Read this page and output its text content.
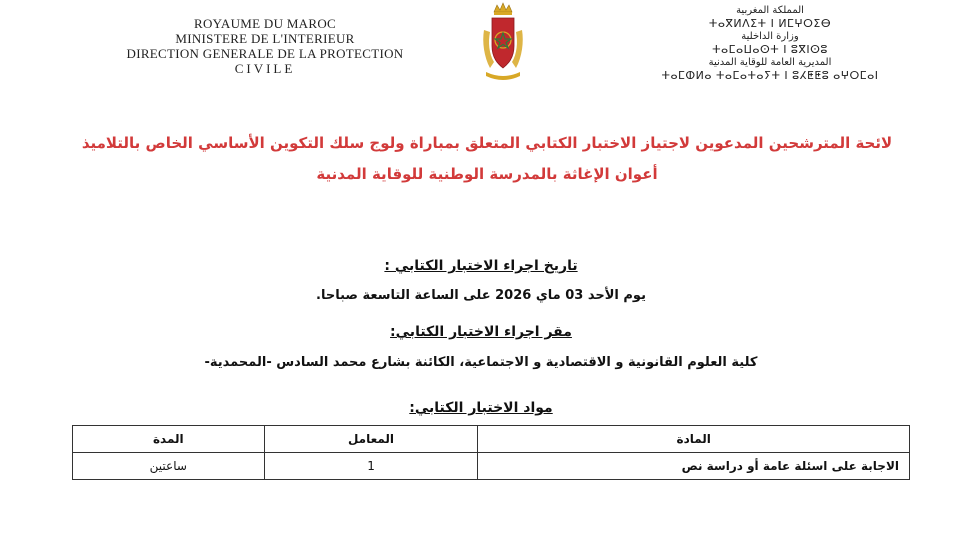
ROYAUME DU MAROC
MINISTERE DE L'INTERIEUR
DIRECTION GENERALE DE LA PROTECTION
CIVILE
المملكة المغربية
ⵜⴰⴳⵍⴷⵉⵜ ⵏ ⵍⵎⵖⵔⵉⴱ
وزارة الداخلية
ⵜⴰⵎⴰⵡⴰⵙⵜ ⵏ ⵓⴳⵏⵙⵓ
المديرية العامة للوقاية المدنية
ⵜⴰⵎⵀⵍⴰ ⵜⴰⵎⴰⵜⴰⵢⵜ ⵏ ⵓⵃⵟⵟⵓ ⴰⵖⵔⵎⴰⵏ
لائحة المترشحين المدعوين لاجتياز الاختبار الكتابي المتعلق بمباراة ولوج سلك التكوين الأساسي الخاص بالتلاميذ أعوان الإغاثة بالمدرسة الوطنية للوقاية المدنية
تاريخ اجراء الاختبار الكتابي :
يوم الأحد 03 ماي 2026 على الساعة التاسعة صباحا.
مقر اجراء الاختبار الكتابي:
كلية العلوم القانونية و الاقتصادية و الاجتماعية، الكائنة بشارع محمد السادس -المحمدية-
مواد الاختبار الكتابي:
المادة	المعامل	المدة
الاجابة على اسئلة عامة أو دراسة نص	1	ساعتين
